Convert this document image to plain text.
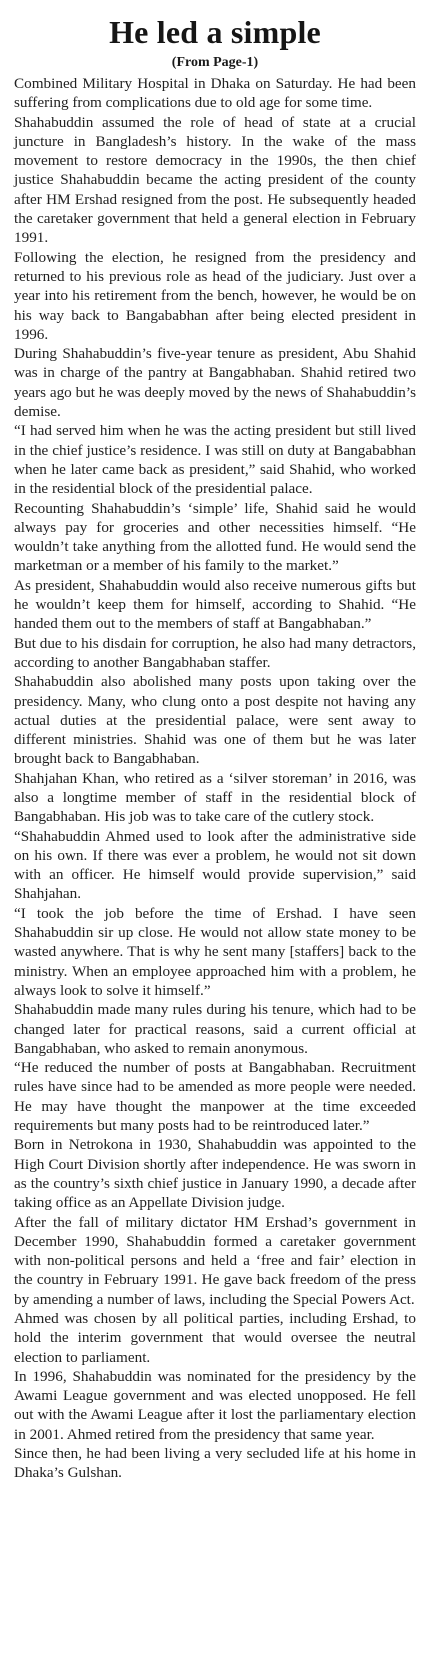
He led a simple
(From Page-1)

Combined Military Hospital in Dhaka on Saturday. He had been suffering from complications due to old age for some time.

Shahabuddin assumed the role of head of state at a crucial juncture in Bangladesh’s history. In the wake of the mass movement to restore democracy in the 1990s, the then chief justice Shahabuddin became the acting president of the county after HM Ershad resigned from the post. He subsequently headed the caretaker government that held a general election in February 1991.

Following the election, he resigned from the presidency and returned to his previous role as head of the judiciary. Just over a year into his retirement from the bench, however, he would be on his way back to Bangababhan after being elected president in 1996.

During Shahabuddin’s five-year tenure as president, Abu Shahid was in charge of the pantry at Bangabhaban. Shahid retired two years ago but he was deeply moved by the news of Shahabuddin’s demise.

“I had served him when he was the acting president but still lived in the chief justice’s residence. I was still on duty at Bangababhan when he later came back as president,” said Shahid, who worked in the residential block of the presidential palace.

Recounting Shahabuddin’s ‘simple’ life, Shahid said he would always pay for groceries and other necessities himself. “He wouldn’t take anything from the allotted fund. He would send the marketman or a member of his family to the market.”

As president, Shahabuddin would also receive numerous gifts but he wouldn’t keep them for himself, according to Shahid. “He handed them out to the members of staff at Bangabhaban.”

But due to his disdain for corruption, he also had many detractors, according to another Bangabhaban staffer.

Shahabuddin also abolished many posts upon taking over the presidency. Many, who clung onto a post despite not having any actual duties at the presidential palace, were sent away to different ministries. Shahid was one of them but he was later brought back to Bangabhaban.

Shahjahan Khan, who retired as a ‘silver storeman’ in 2016, was also a longtime member of staff in the residential block of Bangabhaban. His job was to take care of the cutlery stock.

“Shahabuddin Ahmed used to look after the administrative side on his own. If there was ever a problem, he would not sit down with an officer. He himself would provide supervision,” said Shahjahan.

“I took the job before the time of Ershad. I have seen Shahabuddin sir up close. He would not allow state money to be wasted anywhere. That is why he sent many [staffers] back to the ministry. When an employee approached him with a problem, he always look to solve it himself.”

Shahabuddin made many rules during his tenure, which had to be changed later for practical reasons, said a current official at Bangabhaban, who asked to remain anonymous.

“He reduced the number of posts at Bangabhaban. Recruitment rules have since had to be amended as more people were needed. He may have thought the manpower at the time exceeded requirements but many posts had to be reintroduced later.”

Born in Netrokona in 1930, Shahabuddin was appointed to the High Court Division shortly after independence. He was sworn in as the country’s sixth chief justice in January 1990, a decade after taking office as an Appellate Division judge.

After the fall of military dictator HM Ershad’s government in December 1990, Shahabuddin formed a caretaker government with non-political persons and held a ‘free and fair’ election in the country in February 1991. He gave back freedom of the press by amending a number of laws, including the Special Powers Act.

Ahmed was chosen by all political parties, including Ershad, to hold the interim government that would oversee the neutral election to parliament.

In 1996, Shahabuddin was nominated for the presidency by the Awami League government and was elected unopposed. He fell out with the Awami League after it lost the parliamentary election in 2001. Ahmed retired from the presidency that same year.

Since then, he had been living a very secluded life at his home in Dhaka’s Gulshan.
